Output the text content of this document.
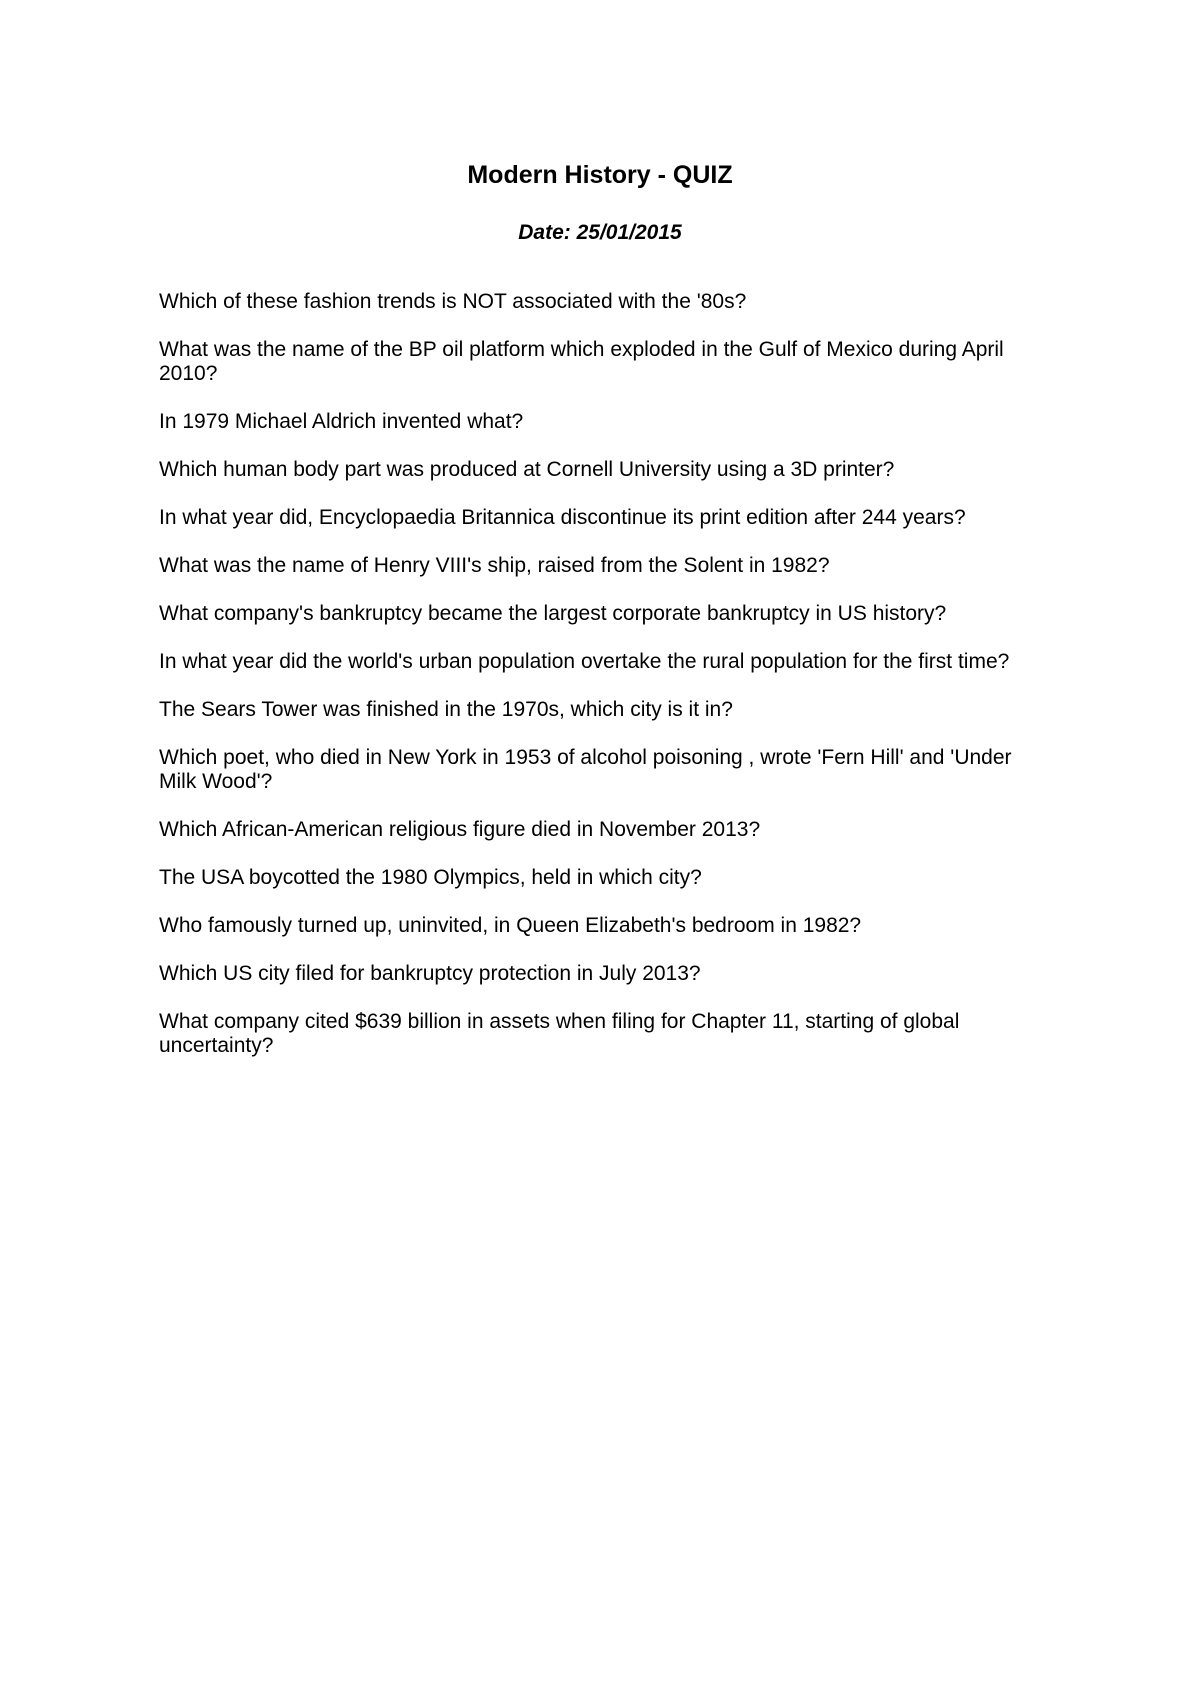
Modern History - QUIZ
Date: 25/01/2015
Which of these fashion trends is NOT associated with the '80s?
What was the name of the BP oil platform which exploded in the Gulf of Mexico during April 2010?
In 1979 Michael Aldrich invented what?
Which human body part was produced at Cornell University using a 3D printer?
In what year did, Encyclopaedia Britannica discontinue its print edition after 244 years?
What was the name of Henry VIII's ship, raised from the Solent in 1982?
What company's bankruptcy became the largest corporate bankruptcy in US history?
In what year did the world's urban population overtake the rural population for the first time?
The Sears Tower was finished in the 1970s, which city is it in?
Which poet, who died in New York in 1953 of alcohol poisoning , wrote 'Fern Hill' and 'Under Milk Wood'?
Which African-American religious figure died in November 2013?
The USA boycotted the 1980 Olympics, held in which city?
Who famously turned up, uninvited, in Queen Elizabeth's bedroom in 1982?
Which US city filed for bankruptcy protection in July 2013?
What company cited $639 billion in assets when filing for Chapter 11, starting of global uncertainty?
